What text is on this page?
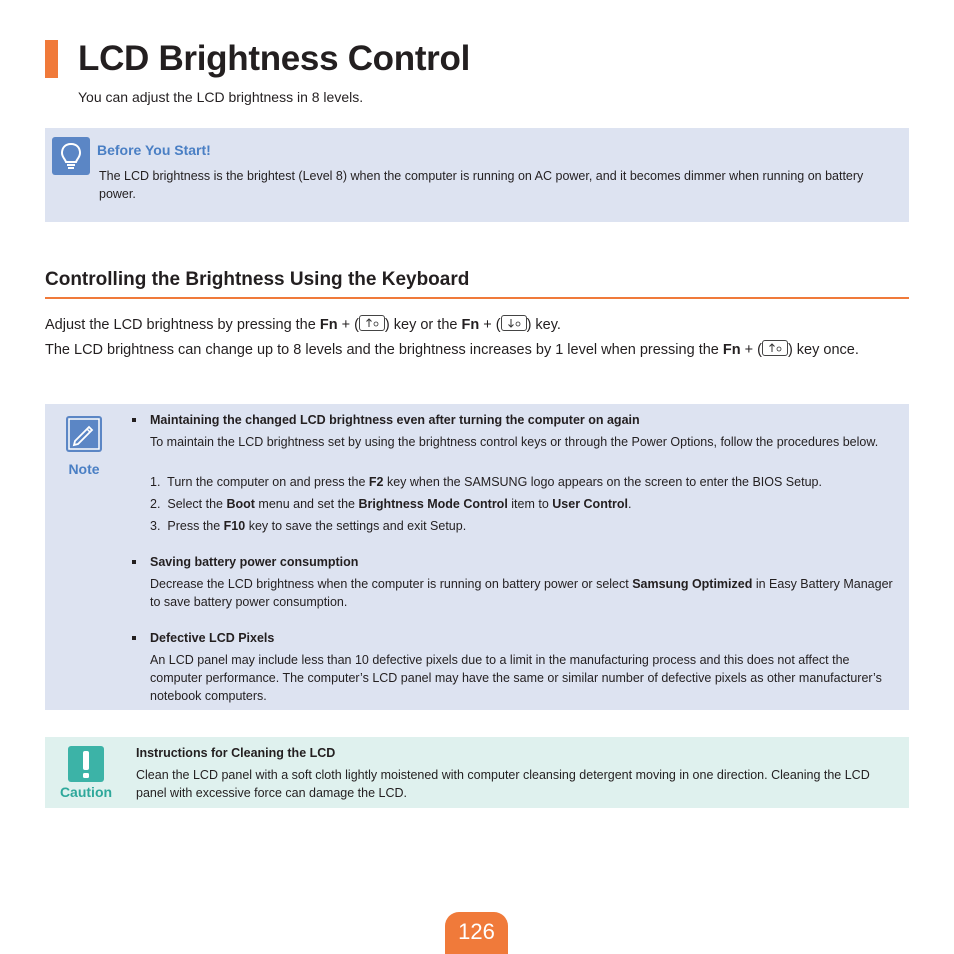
LCD Brightness Control
You can adjust the LCD brightness in 8 levels.
Before You Start!
The LCD brightness is the brightest (Level 8) when the computer is running on AC power, and it becomes dimmer when running on battery power.
Controlling the Brightness Using the Keyboard
Adjust the LCD brightness by pressing the Fn + ( ) key or the Fn + ( ) key.
The LCD brightness can change up to 8 levels and the brightness increases by 1 level when pressing the Fn + ( ) key once.
Note
Maintaining the changed LCD brightness even after turning the computer on again
To maintain the LCD brightness set by using the brightness control keys or through the Power Options, follow the procedures below.
1. Turn the computer on and press the F2 key when the SAMSUNG logo appears on the screen to enter the BIOS Setup.
2. Select the Boot menu and set the Brightness Mode Control item to User Control.
3. Press the F10 key to save the settings and exit Setup.
Saving battery power consumption
Decrease the LCD brightness when the computer is running on battery power or select Samsung Optimized in Easy Battery Manager to save battery power consumption.
Defective LCD Pixels
An LCD panel may include less than 10 defective pixels due to a limit in the manufacturing process and this does not affect the computer performance. The computer’s LCD panel may have the same or similar number of defective pixels as other manufacturer’s notebook computers.
Caution
Instructions for Cleaning the LCD
Clean the LCD panel with a soft cloth lightly moistened with computer cleansing detergent moving in one direction. Cleaning the LCD panel with excessive force can damage the LCD.
126
